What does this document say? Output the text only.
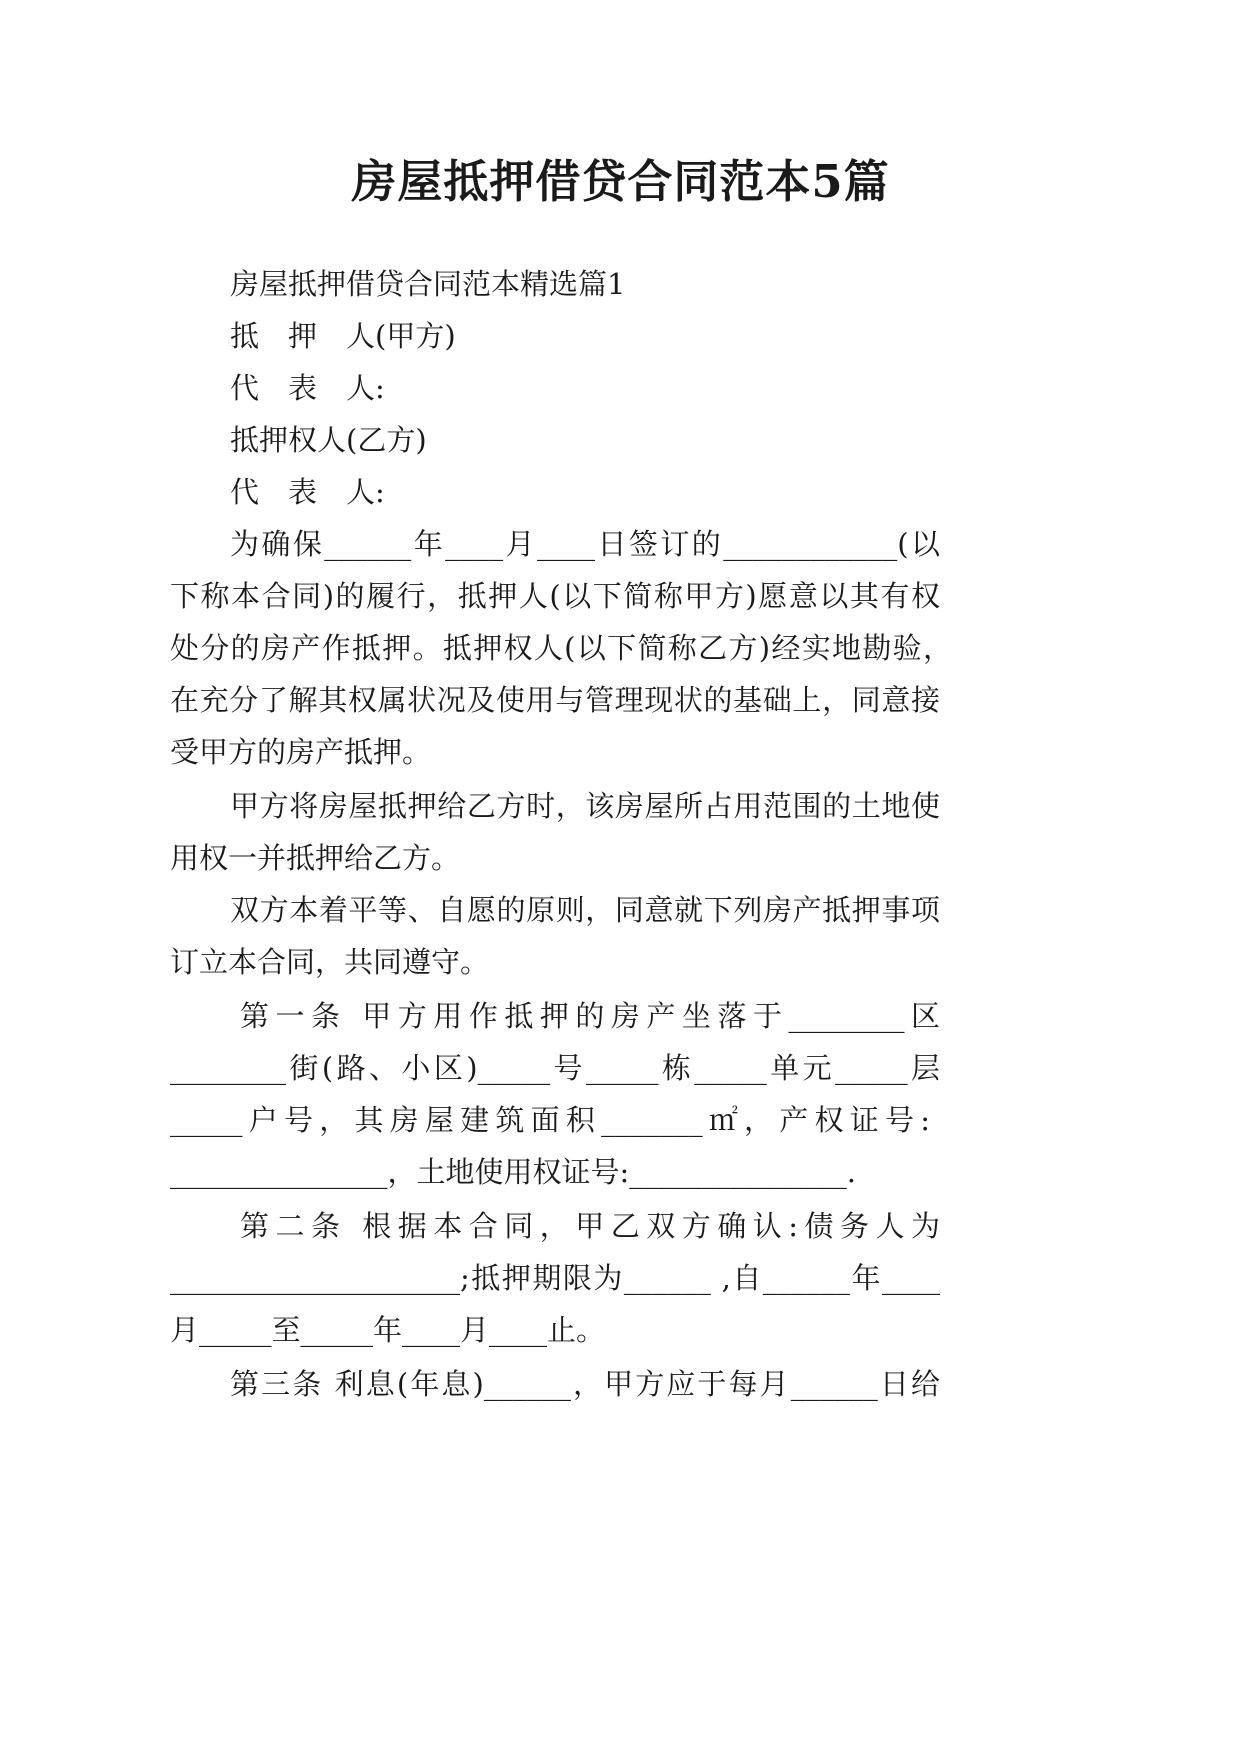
房屋抵押借贷合同范本5篇
房屋抵押借贷合同范本精选篇1
抵　押　人(甲方)
代　表　人:
抵押权人(乙方)
代　表　人:
为确保______年____月____日签订的____________(以
下称本合同)的履行，抵押人(以下简称甲方)愿意以其有权
处分的房产作抵押。抵押权人(以下简称乙方)经实地勘验，
在充分了解其权属状况及使用与管理现状的基础上，同意接
受甲方的房产抵押。
甲方将房屋抵押给乙方时，该房屋所占用范围的土地使
用权一并抵押给乙方。
双方本着平等、自愿的原则，同意就下列房产抵押事项
订立本合同，共同遵守。
第一条 甲方用作抵押的房产坐落于________区
________街(路、小区)_____号_____栋_____单元_____层
_____户号，其房屋建筑面积_______㎡，产权证号:
_______________，土地使用权证号:_______________.
第二条 根据本合同，甲乙双方确认:债务人为
____________________;抵押期限为______ ,自______年____
月_____至_____年____月____止。
第三条 利息(年息)______，甲方应于每月______日给
